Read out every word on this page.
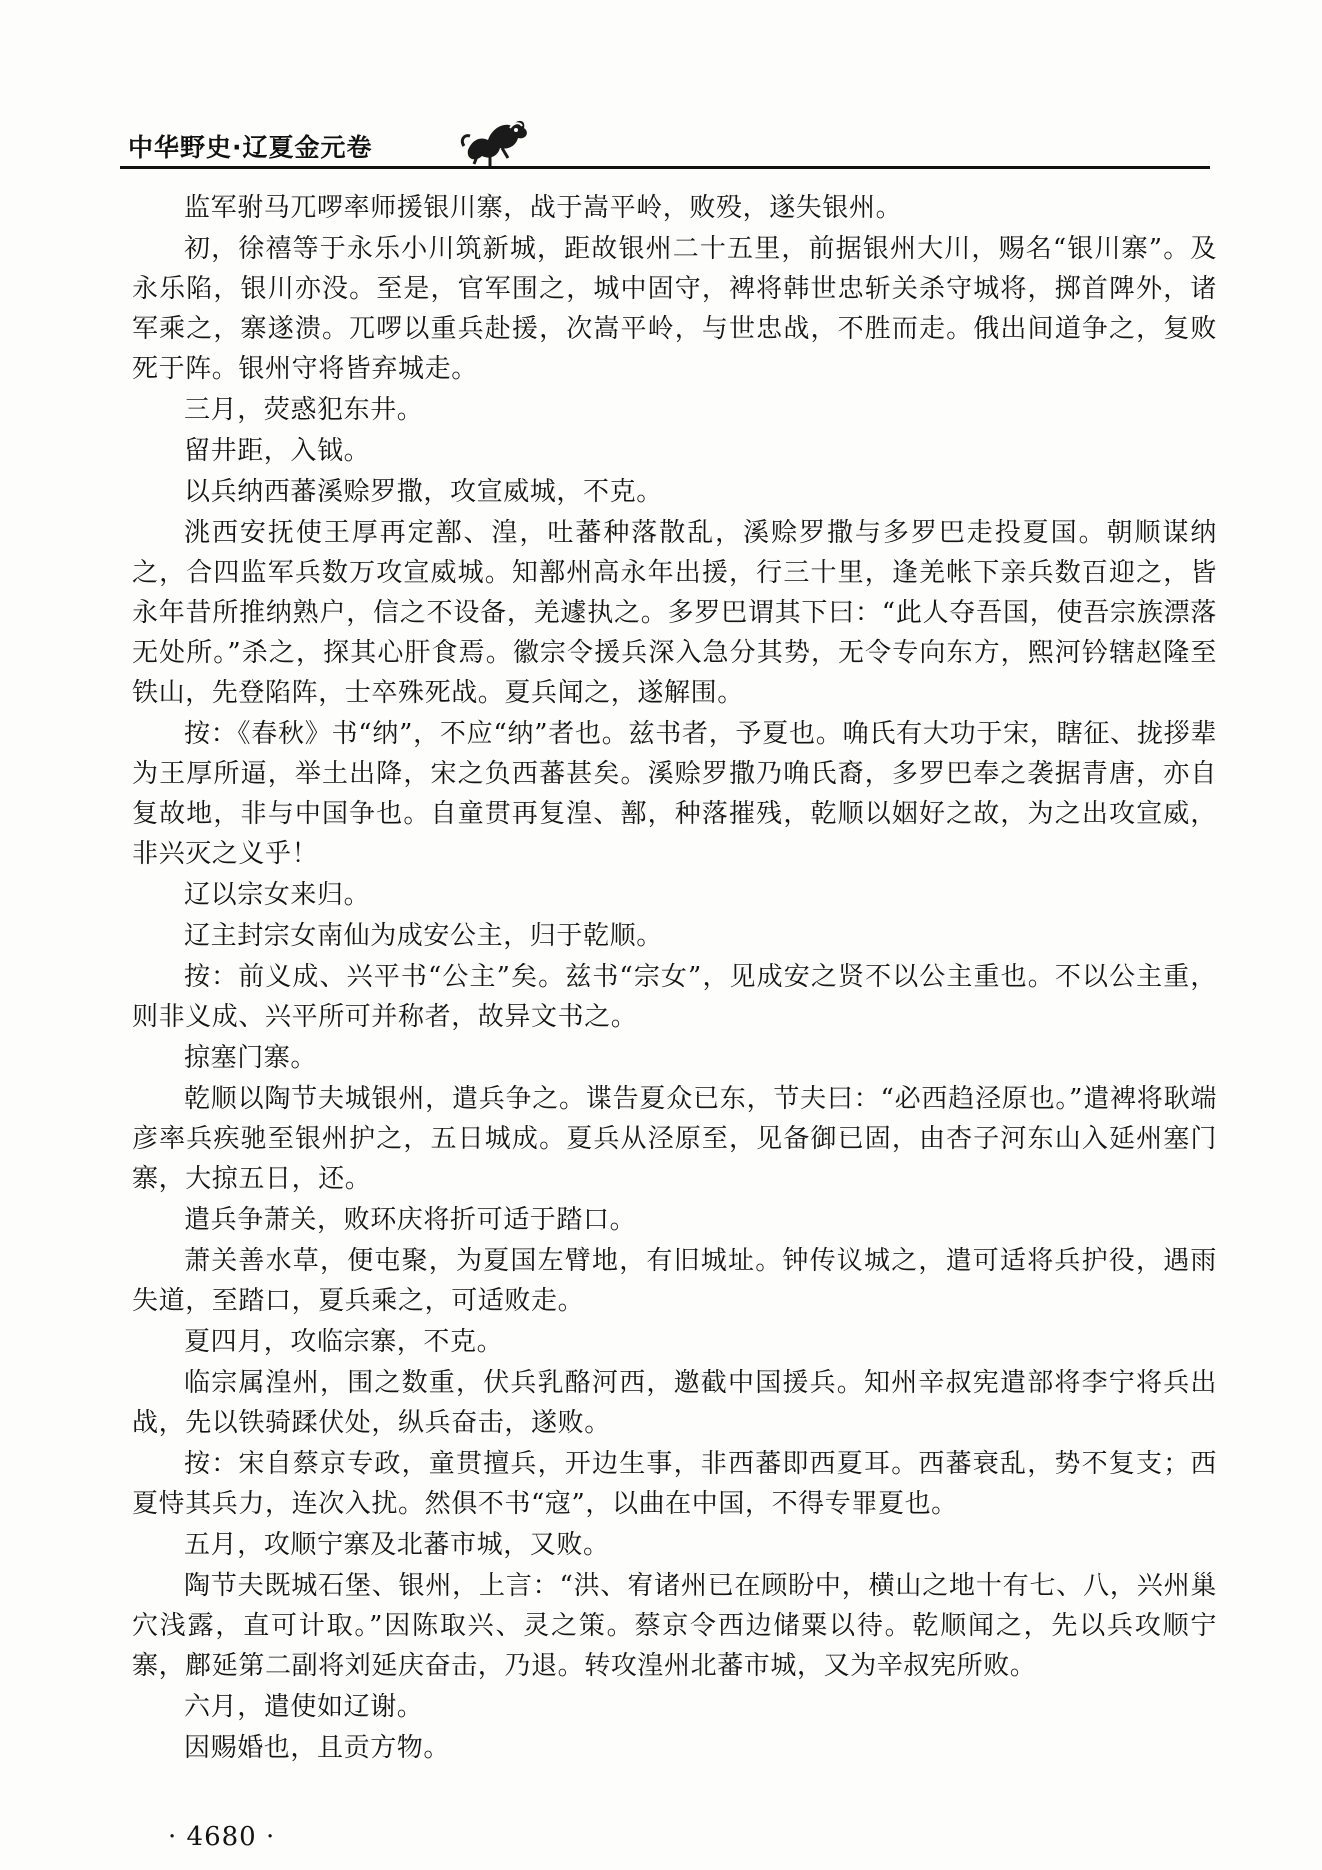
中华野史·辽夏金元卷

监军驸马兀啰率师援银川寨，战于嵩平岭，败殁，遂失银州。

初，徐禧等于永乐小川筑新城，距故银州二十五里，前据银州大川，赐名“银川寨”。及永乐陷，银川亦没。至是，官军围之，城中固守，裨将韩世忠斩关杀守城将，掷首陴外，诸军乘之，寨遂溃。兀啰以重兵赴援，次嵩平岭，与世忠战，不胜而走。俄出间道争之，复败死于阵。银州守将皆弃城走。

三月，荧惑犯东井。

留井距，入钺。

以兵纳西蕃溪赊罗撒，攻宣威城，不克。

洮西安抚使王厚再定鄯、湟，吐蕃种落散乱，溪赊罗撒与多罗巴走投夏国。朝顺谋纳之，合四监军兵数万攻宣威城。知鄯州高永年出援，行三十里，逢羌帐下亲兵数百迎之，皆永年昔所推纳熟户，信之不设备，羌遽执之。多罗巴谓其下曰：“此人夺吾国，使吾宗族漂落无处所。”杀之，探其心肝食焉。徽宗令援兵深入急分其势，无令专向东方，熙河钤辖赵隆至铁山，先登陷阵，士卒殊死战。夏兵闻之，遂解围。

按：《春秋》书“纳”，不应“纳”者也。兹书者，予夏也。唃氏有大功于宋，瞎征、拢拶辈为王厚所逼，举土出降，宋之负西蕃甚矣。溪赊罗撒乃唃氏裔，多罗巴奉之袭据青唐，亦自复故地，非与中国争也。自童贯再复湟、鄯，种落摧残，乾顺以姻好之故，为之出攻宣威，非兴灭之义乎！

辽以宗女来归。

辽主封宗女南仙为成安公主，归于乾顺。

按：前义成、兴平书“公主”矣。兹书“宗女”，见成安之贤不以公主重也。不以公主重，则非义成、兴平所可并称者，故异文书之。

掠塞门寨。

乾顺以陶节夫城银州，遣兵争之。谍告夏众已东，节夫曰：“必西趋泾原也。”遣裨将耿端彦率兵疾驰至银州护之，五日城成。夏兵从泾原至，见备御已固，由杏子河东山入延州塞门寨，大掠五日，还。

遣兵争萧关，败环庆将折可适于踏口。

萧关善水草，便屯聚，为夏国左臂地，有旧城址。钟传议城之，遣可适将兵护役，遇雨失道，至踏口，夏兵乘之，可适败走。

夏四月，攻临宗寨，不克。

临宗属湟州，围之数重，伏兵乳酪河西，邀截中国援兵。知州辛叔宪遣部将李宁将兵出战，先以铁骑蹂伏处，纵兵奋击，遂败。

按：宋自蔡京专政，童贯擅兵，开边生事，非西蕃即西夏耳。西蕃衰乱，势不复支；西夏恃其兵力，连次入扰。然俱不书“寇”，以曲在中国，不得专罪夏也。

五月，攻顺宁寨及北蕃市城，又败。

陶节夫既城石堡、银州，上言：“洪、宥诸州已在顾盼中，横山之地十有七、八，兴州巢穴浅露，直可计取。”因陈取兴、灵之策。蔡京令西边储粟以待。乾顺闻之，先以兵攻顺宁寨，鄜延第二副将刘延庆奋击，乃退。转攻湟州北蕃市城，又为辛叔宪所败。

六月，遣使如辽谢。

因赐婚也，且贡方物。

· 4680 ·
